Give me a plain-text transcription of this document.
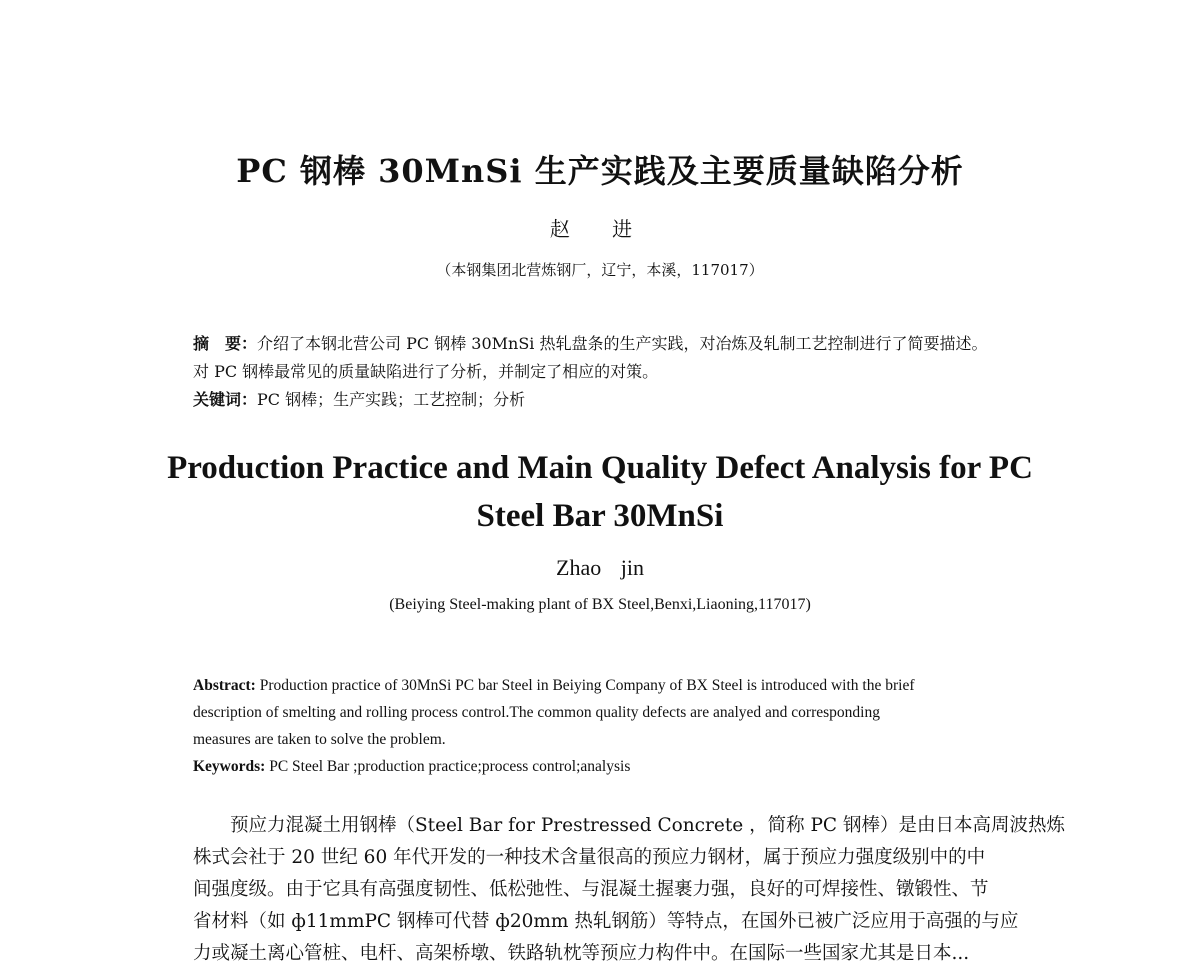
PC 钢棒 30MnSi 生产实践及主要质量缺陷分析
赵 进
（本钢集团北营炼钢厂，辽宁，本溪，117017）
摘　要：介绍了本钢北营公司 PC 钢棒 30MnSi 热轧盘条的生产实践，对冶炼及轧制工艺控制进行了简要描述。
对 PC 钢棒最常见的质量缺陷进行了分析，并制定了相应的对策。
关键词：PC 钢棒；生产实践；工艺控制；分析
Production Practice and Main Quality Defect Analysis for PC
Steel Bar 30MnSi
Zhao jin
(Beiying Steel-making plant of BX Steel,Benxi,Liaoning,117017)
Abstract: Production practice of 30MnSi PC bar Steel in Beiying Company of BX Steel is introduced with the brief
description of smelting and rolling process control.The common quality defects are analyed and corresponding
measures are taken to solve the problem.
Keywords: PC Steel Bar ;production practice;process control;analysis
预应力混凝土用钢棒（Steel Bar for Prestressed Concrete ，简称 PC 钢棒）是由日本高周波热炼
株式会社于 20 世纪 60 年代开发的一种技术含量很高的预应力钢材，属于预应力强度级别中的中
间强度级。由于它具有高强度韧性、低松弛性、与混凝土握裹力强，良好的可焊接性、镦锻性、节
省材料（如 ф11mmPC 钢棒可代替 ф20mm 热轧钢筋）等特点，在国外已被广泛应用于高强的与应
力或凝土离心管桩、电杆、高架桥墩、铁路轨枕等预应力构件中。在国际一些国家尤其是日本...
